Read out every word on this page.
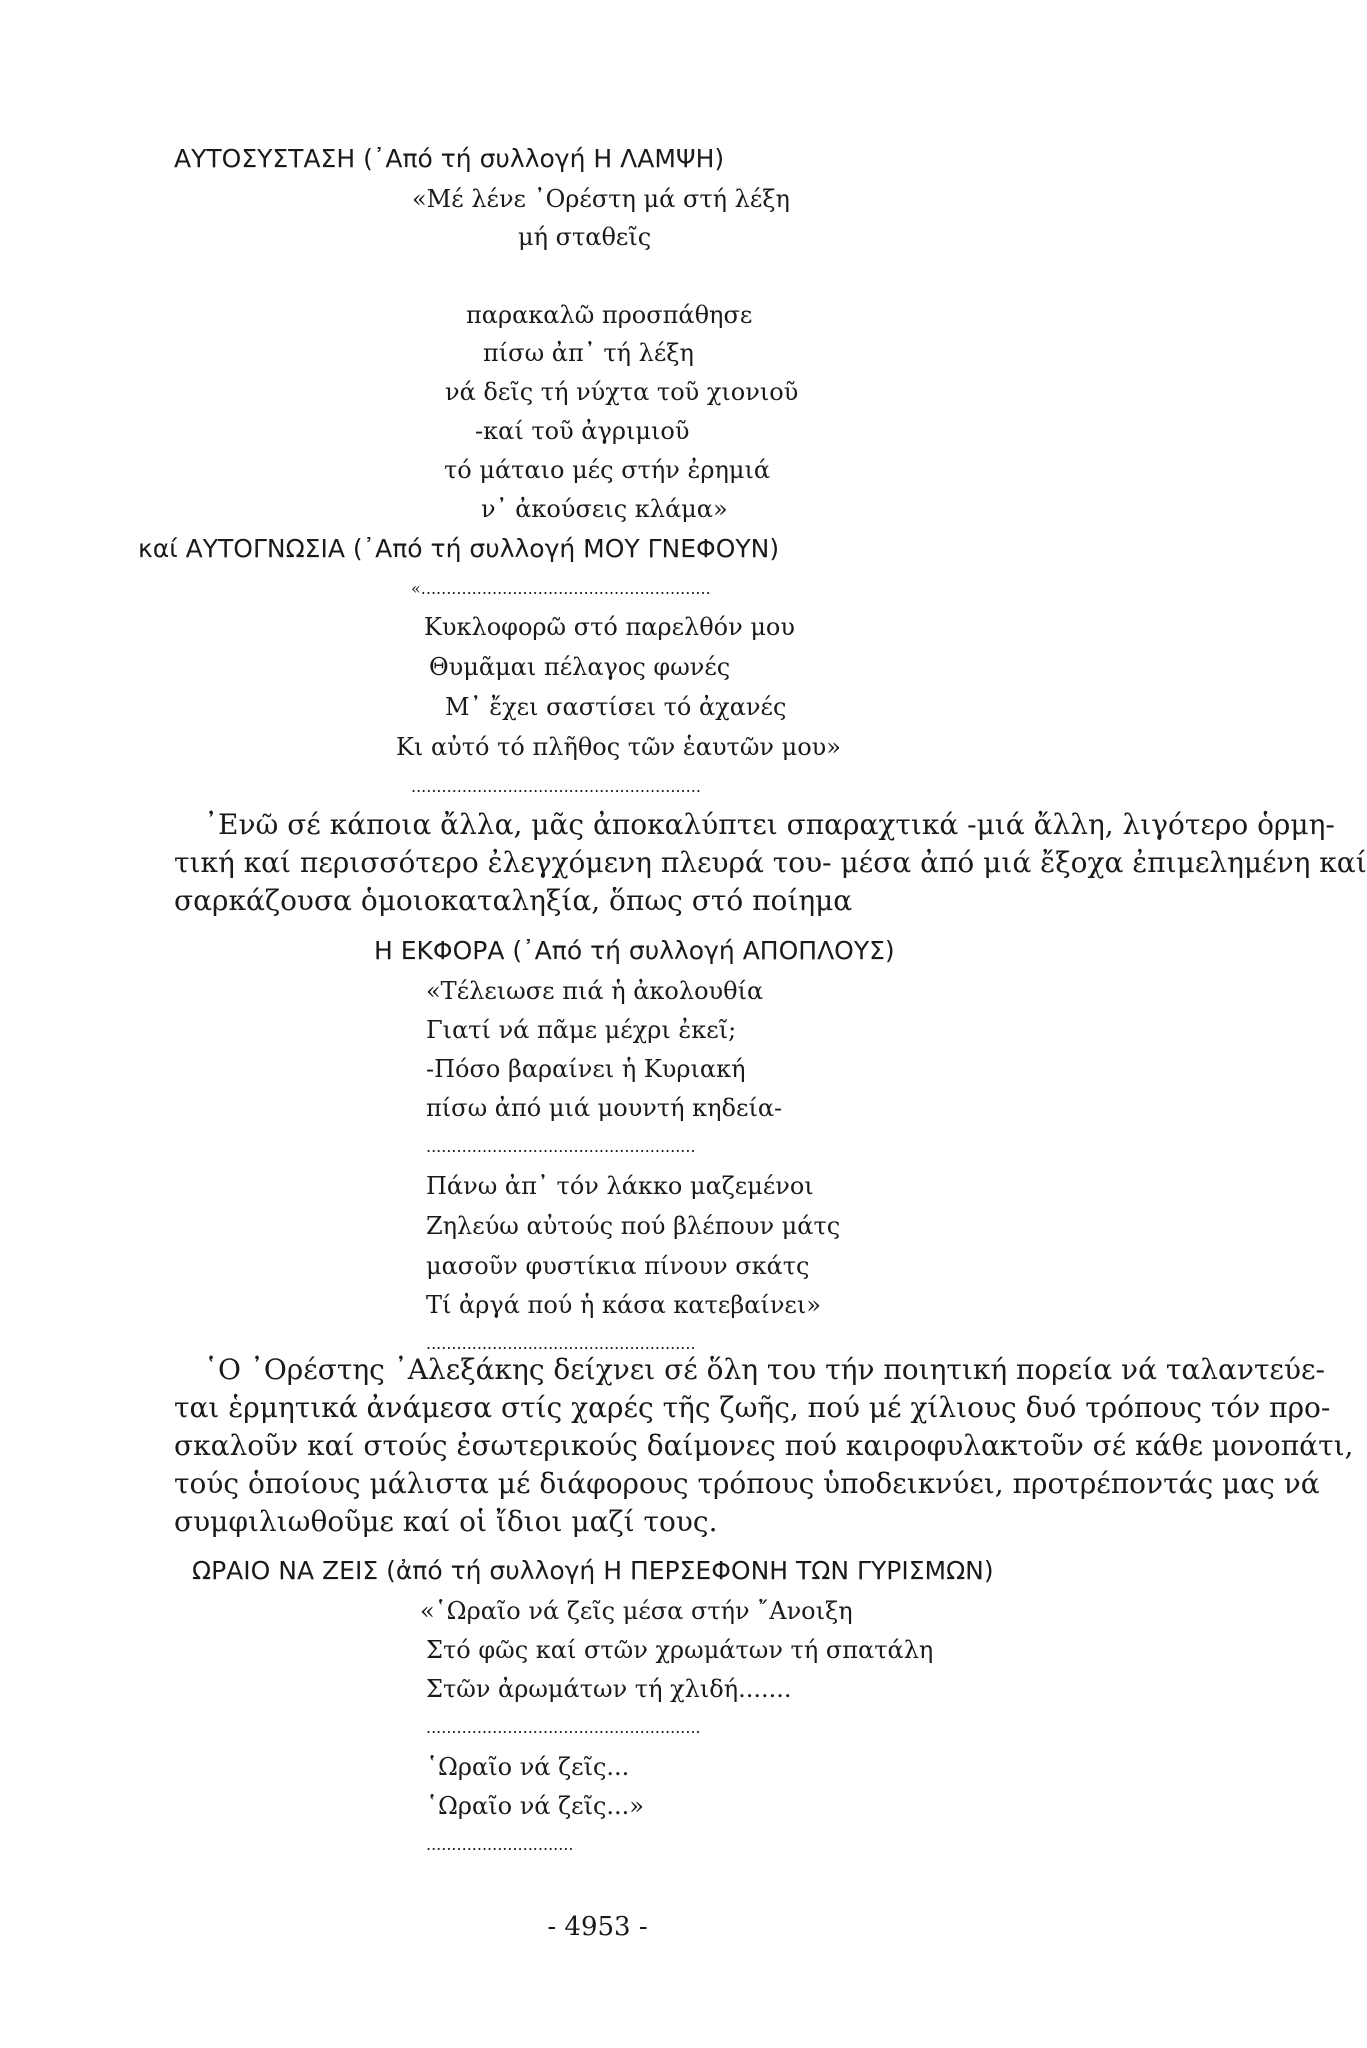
ΑΥΤΟΣΥΣΤΑΣΗ (᾽Από τή συλλογή Η ΛΑΜΨΗ)
«Μέ λένε ᾽Ορέστη μά στή λέξη
μή σταθεῖς
παρακαλῶ προσπάθησε
πίσω ἀπ᾽ τή λέξη
νά δεῖς τή νύχτα τοῦ χιονιοῦ
-καί τοῦ ἀγριμιοῦ
τό μάταιο μές στήν ἐρημιά
ν᾽ ἀκούσεις κλάμα»
καί ΑΥΤΟΓΝΩΣΙΑ (᾽Από τή συλλογή ΜΟΥ ΓΝΕΦΟΥΝ)
«.........................................................
Κυκλοφορῶ στό παρελθόν μου
Θυμᾶμαι πέλαγος φωνές
Μ᾽ ἔχει σαστίσει τό ἀχανές
Κι αὐτό τό πλῆθος τῶν ἑαυτῶν μου»
.........................................................
᾽Ενῶ σέ κάποια ἄλλα, μᾶς ἀποκαλύπτει σπαραχτικά -μιά ἄλλη, λιγότερο ὁρμη-
τική καί περισσότερο ἐλεγχόμενη πλευρά του- μέσα ἀπό μιά ἔξοχα ἐπιμελημένη καί
σαρκάζουσα ὁμοιοκαταληξία, ὅπως στό ποίημα
Η ΕΚΦΟΡΑ (᾽Από τή συλλογή ΑΠΟΠΛΟΥΣ)
«Τέλειωσε πιά ἡ ἀκολουθία
Γιατί νά πᾶμε μέχρι ἐκεῖ;
-Πόσο βαραίνει ἡ Κυριακή
πίσω ἀπό μιά μουντή κηδεία-
.....................................................
Πάνω ἀπ᾽ τόν λάκκο μαζεμένοι
Ζηλεύω αὐτούς πού βλέπουν μάτς
μασοῦν φυστίκια πίνουν σκάτς
Τί ἀργά πού ἡ κάσα κατεβαίνει»
.....................................................
῾Ο ᾽Ορέστης ᾽Αλεξάκης δείχνει σέ ὅλη του τήν ποιητική πορεία νά ταλαντεύε-
ται ἑρμητικά ἀνάμεσα στίς χαρές τῆς ζωῆς, πού μέ χίλιους δυό τρόπους τόν προ-
σκαλοῦν καί στούς ἐσωτερικούς δαίμονες πού καιροφυλακτοῦν σέ κάθε μονοπάτι,
τούς ὁποίους μάλιστα μέ διάφορους τρόπους ὑποδεικνύει, προτρέποντάς μας νά
συμφιλιωθοῦμε καί οἱ ἴδιοι μαζί τους.
ΩΡΑΙΟ ΝΑ ΖΕΙΣ (ἀπό τή συλλογή Η ΠΕΡΣΕΦΟΝΗ ΤΩΝ ΓΥΡΙΣΜΩΝ)
«῾Ωραῖο νά ζεῖς μέσα στήν ῎Ανοιξη
Στό φῶς καί στῶν χρωμάτων τή σπατάλη
Στῶν ἀρωμάτων τή χλιδή.......
......................................................
῾Ωραῖο νά ζεῖς...
῾Ωραῖο νά ζεῖς...»
.............................
- 4953 -
